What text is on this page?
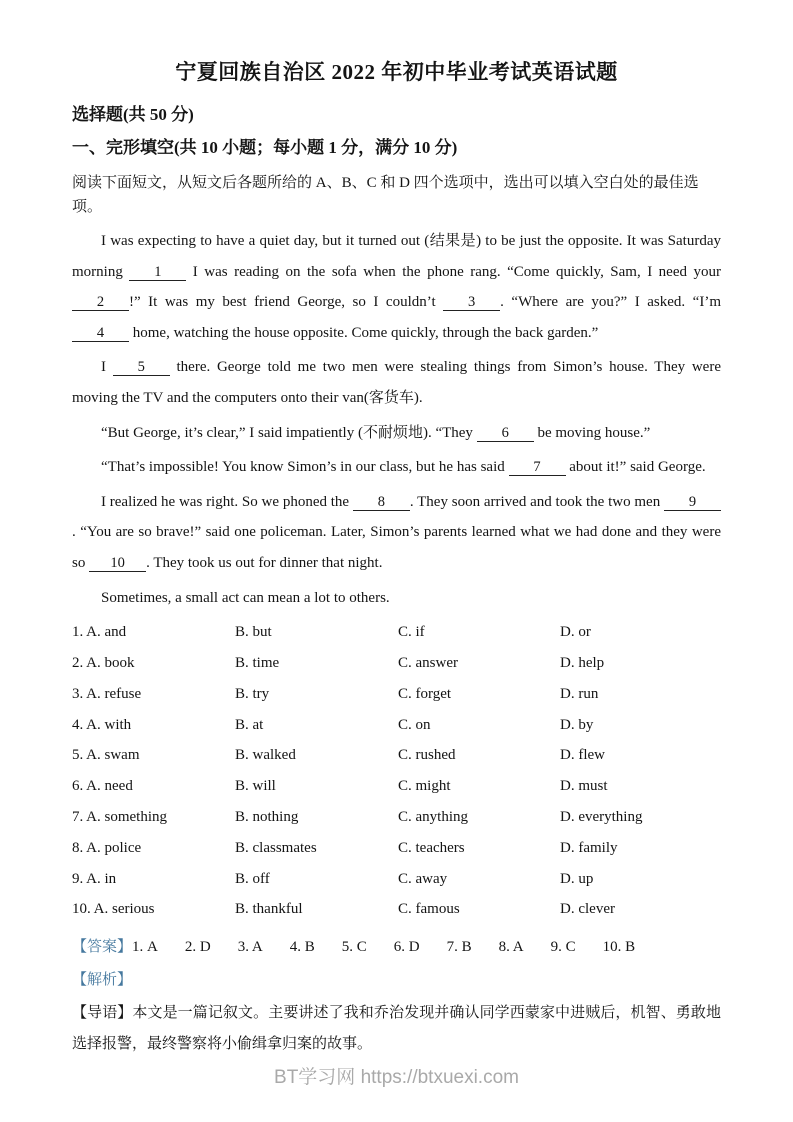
宁夏回族自治区 2022 年初中毕业考试英语试题
选择题(共 50 分)
一、完形填空(共 10 小题；每小题 1 分，满分 10 分)

阅读下面短文，从短文后各题所给的 A、B、C 和 D 四个选项中，选出可以填入空白处的最佳选项。

I was expecting to have a quiet day, but it turned out (结果是) to be just the opposite. It was Saturday morning 1 I was reading on the sofa when the phone rang. “Come quickly, Sam, I need your 2 !” It was my best friend George, so I couldn’t 3 . “Where are you?” I asked. “I’m 4 home, watching the house opposite. Come quickly, through the back garden.”

I 5 there. George told me two men were stealing things from Simon’s house. They were moving the TV and the computers onto their van(客货车).

“But George, it’s clear,” I said impatiently (不耐烦地). “They 6 be moving house.”

“That’s impossible! You know Simon’s in our class, but he has said 7 about it!” said George.

I realized he was right. So we phoned the 8 . They soon arrived and took the two men 9. “You are so brave!” said one policeman. Later, Simon’s parents learned what we had done and they were so 10 . They took us out for dinner that night.

Sometimes, a small act can mean a lot to others.

1. A. and	B. but	C. if	D. or
2. A. book	B. time	C. answer	D. help
3. A. refuse	B. try	C. forget	D. run
4. A. with	B. at	C. on	D. by
5. A. swam	B. walked	C. rushed	D. flew
6. A. need	B. will	C. might	D. must
7. A. something	B. nothing	C. anything	D. everything
8. A. police	B. classmates	C. teachers	D. family
9. A. in	B. off	C. away	D. up
10. A. serious	B. thankful	C. famous	D. clever
【答案】1. A 2. D 3. A 4. B 5. C 6. D 7. B 8. A 9. C 10. B
【解析】

【导语】本文是一篇记叙文。主要讲述了我和乔治发现并确认同学西蒙家中进贼后，机智、勇敢地选择报警，最终警察将小偷缉拿归案的故事。

BT学习网 https://btxuexi.com
